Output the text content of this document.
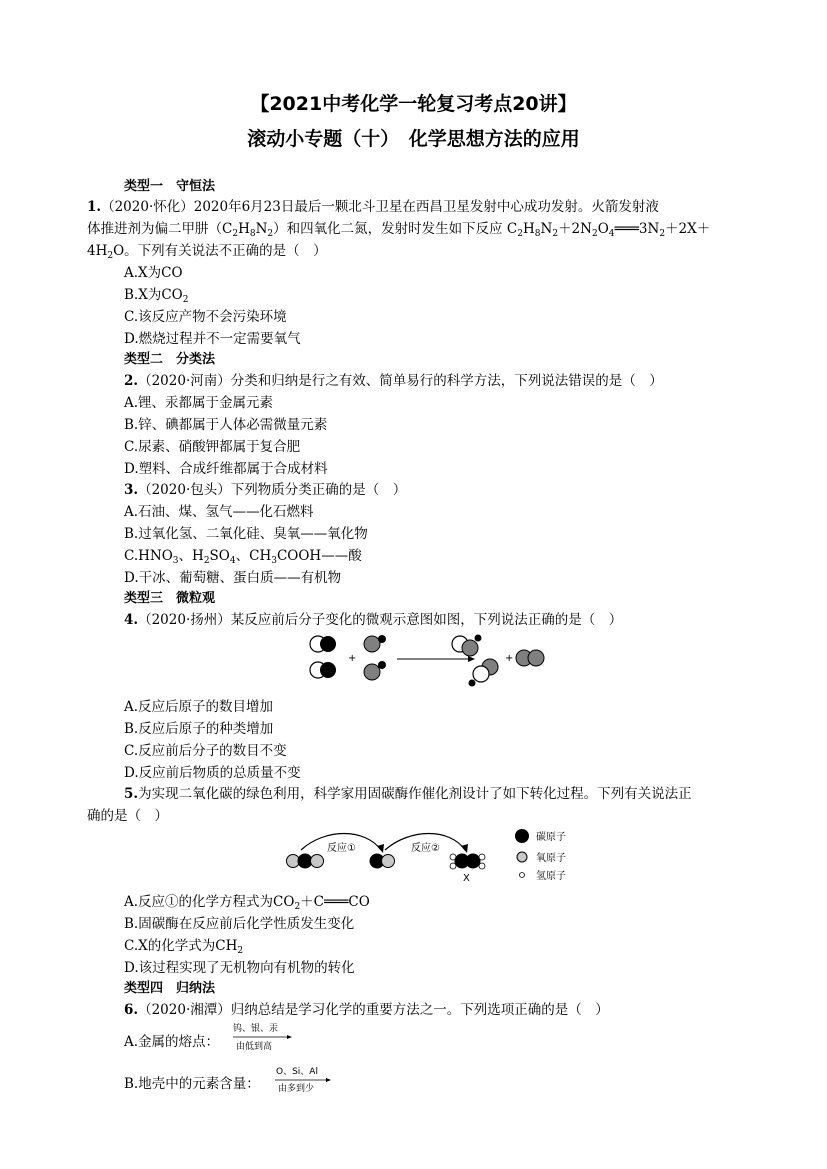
【2021中考化学一轮复习考点20讲】
滚动小专题（十）　化学思想方法的应用
类型一　守恒法
1.（2020·怀化）2020年6月23日最后一颗北斗卫星在西昌卫星发射中心成功发射。火箭发射液
体推进剂为偏二甲肼$(C_2H_8N_2)$和四氧化二氮，发射时发生如下反应 $C_2H_8N_2+2N_2O_4═══3N_2+2X+$
$4H_2O$。下列有关说法不正确的是（　）
A.X为CO
B.X为$CO_2$
C.该反应产物不会污染环境
D.燃烧过程并不一定需要氧气
类型二　分类法
2.（2020·河南）分类和归纳是行之有效、简单易行的科学方法，下列说法错误的是（　）
A.锂、汞都属于金属元素
B.锌、碘都属于人体必需微量元素
C.尿素、硝酸钾都属于复合肥
D.塑料、合成纤维都属于合成材料
3.（2020·包头）下列物质分类正确的是（　）
A.石油、煤、氢气——化石燃料
B.过氧化氢、二氧化硅、臭氧——氧化物
$C.HNO_3$、$H_2SO_4$、$CH_3COOH——$酸
D.干冰、葡萄糖、蛋白质——有机物
类型三　微粒观
4.（2020·扬州）某反应前后分子变化的微观示意图如图，下列说法正确的是（　）
+	+
A.反应后原子的数目增加
B.反应后原子的种类增加
C.反应前后分子的数目不变
D.反应前后物质的总质量不变
5.为实现二氧化碳的绿色利用，科学家用固碳酶作催化剂设计了如下转化过程。下列有关说法正
确的是（　）
反应①	反应②
X
碳原子
氧原子
氢原子
A.反应①的化学方程式为$CO_2+C═══CO$
B.固碳酶在反应前后化学性质发生变化
C.X的化学式为$CH_2$
D.该过程实现了无机物向有机物的转化
类型四　归纳法
6.（2020·湘潭）归纳总结是学习化学的重要方法之一。下列选项正确的是（　）
A.金属的熔点：
钨、银、汞
由低到高
B.地壳中的元素含量：
O、Si、Al
由多到少
